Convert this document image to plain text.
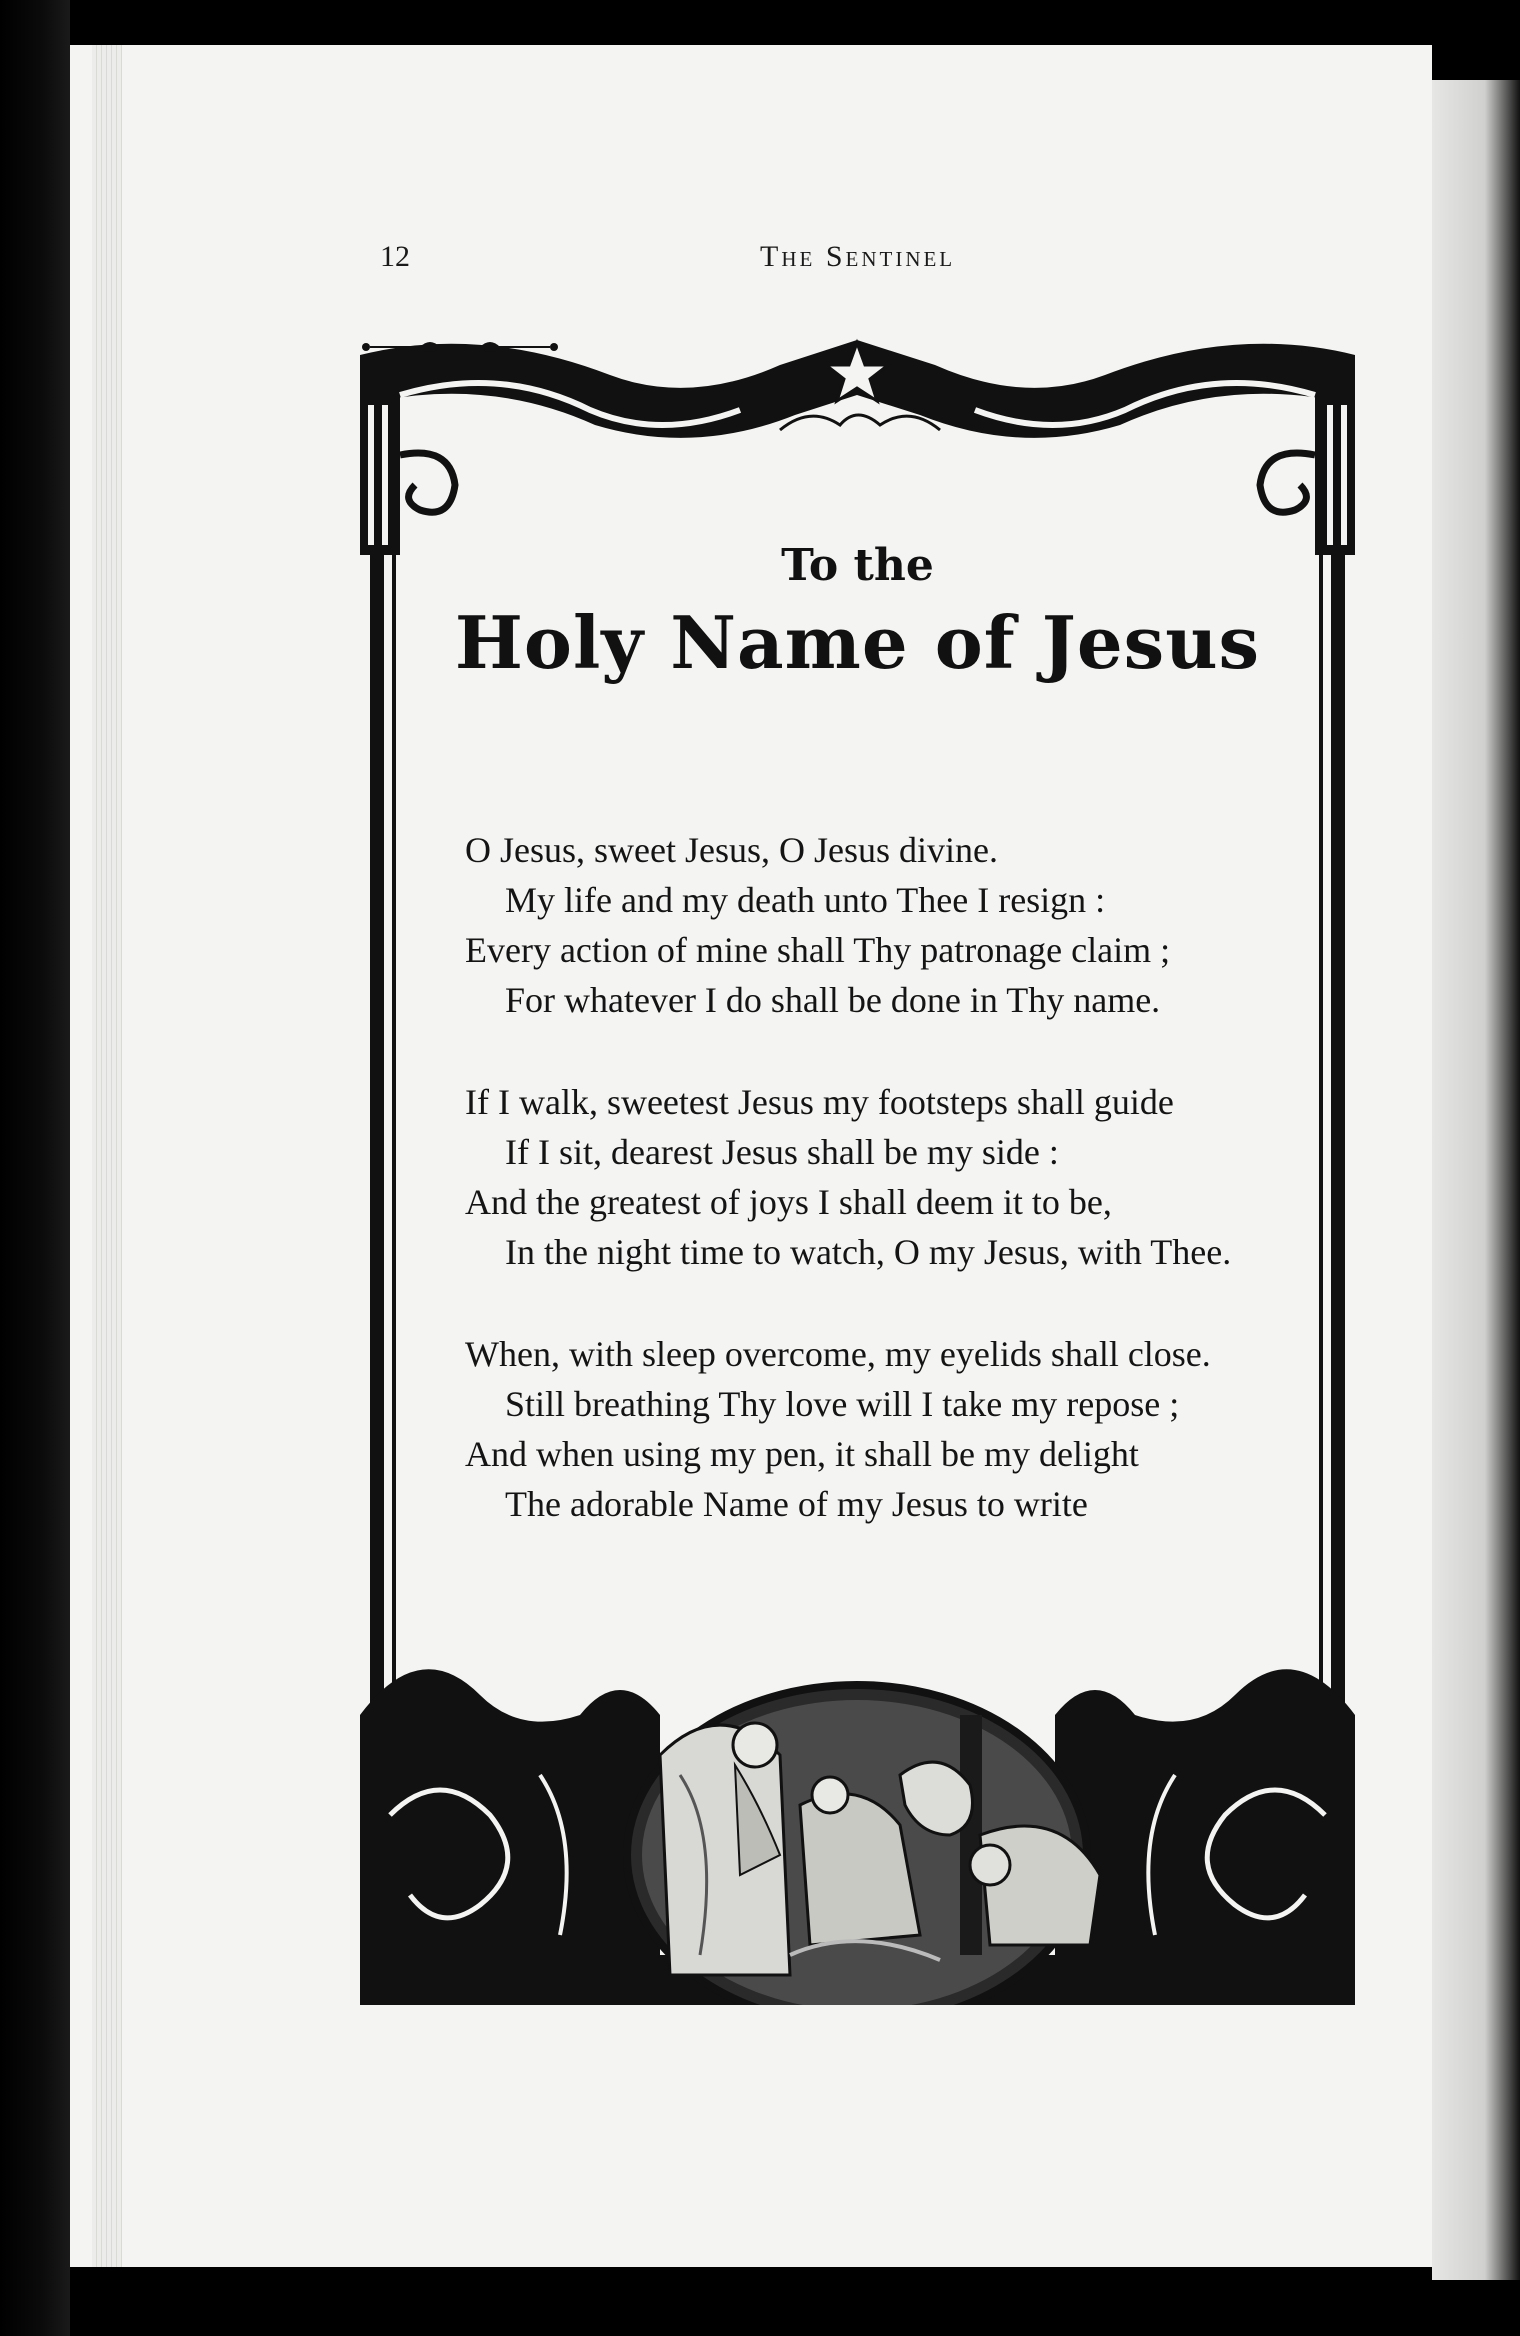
12	The Sentinel
To the
Holy Name of Jesus
O Jesus, sweet Jesus, O Jesus divine.
My life and my death unto Thee I resign :
Every action of mine shall Thy patronage claim ;
For whatever I do shall be done in Thy name.
If I walk, sweetest Jesus my footsteps shall guide
If I sit, dearest Jesus shall be my side :
And the greatest of joys I shall deem it to be,
In the night time to watch, O my Jesus, with Thee.
When, with sleep overcome, my eyelids shall close.
Still breathing Thy love will I take my repose ;
And when using my pen, it shall be my delight
The adorable Name of my Jesus to write
